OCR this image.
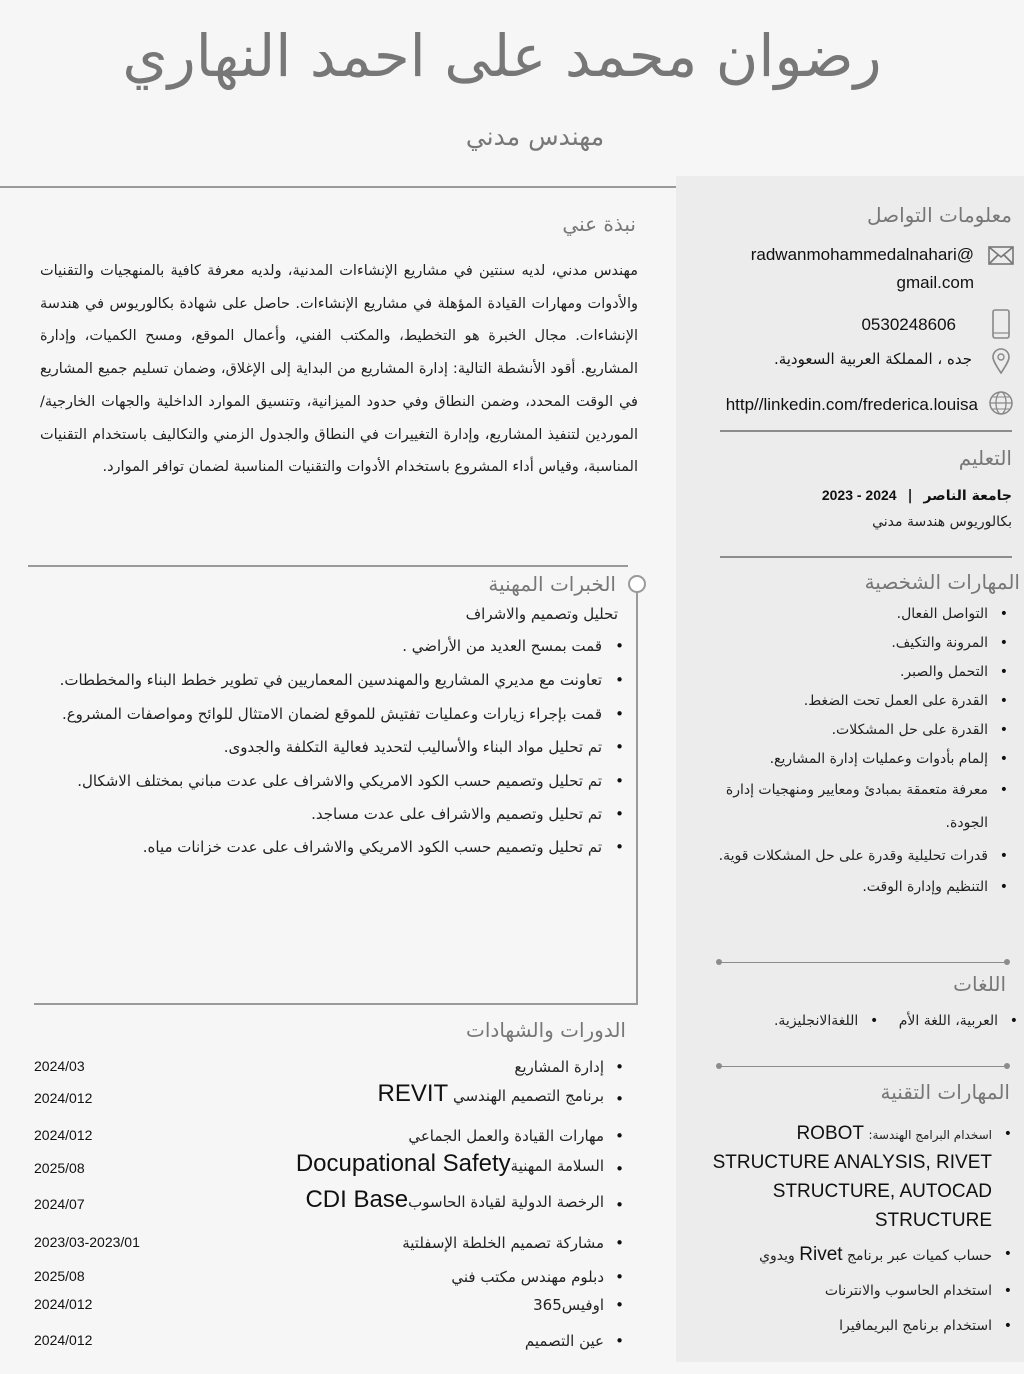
رضوان محمد على احمد النهاري
مهندس مدني
معلومات التواصل
radwanmohammedalnahari@
gmail.com
0530248606
جده ، المملكة العربية السعودية.
http//linkedin.com/frederica.louisa
التعليم
جامعة الناصر | 2023 - 2024
بكالوريوس هندسة مدني
المهارات الشخصية
• التواصل الفعال.
• المرونة والتكيف.
• التحمل والصبر.
• القدرة على العمل تحت الضغط.
• القدرة على حل المشكلات.
• إلمام بأدوات وعمليات إدارة المشاريع.
• معرفة متعمقة بمبادئ ومعايير ومنهجيات إدارة الجودة.
• قدرات تحليلية وقدرة على حل المشكلات قوية.
• التنظيم وإدارة الوقت.
اللغات
• العربية، اللغة الأم • اللغةالانجليزية.
المهارات التقنية
• اسخدام البرامج الهندسة: ROBOT STRUCTURE ANALYSIS, RIVET STRUCTURE, AUTOCAD STRUCTURE
• حساب كميات عبر برنامج Rivet ويدوي
• استخدام الحاسوب والانترنات
• استخدام برنامج البريمافيرا
نبذة عني
مهندس مدني، لديه سنتين في مشاريع الإنشاءات المدنية، ولديه معرفة كافية بالمنهجيات والتقنيات والأدوات ومهارات القيادة المؤهلة في مشاريع الإنشاءات. حاصل على شهادة بكالوريوس في هندسة الإنشاءات. مجال الخبرة هو التخطيط، والمكتب الفني، وأعمال الموقع، ومسح الكميات، وإدارة المشاريع. أقود الأنشطة التالية: إدارة المشاريع من البداية إلى الإغلاق، وضمان تسليم جميع المشاريع في الوقت المحدد، وضمن النطاق وفي حدود الميزانية، وتنسيق الموارد الداخلية والجهات الخارجية/الموردين لتنفيذ المشاريع، وإدارة التغييرات في النطاق والجدول الزمني والتكاليف باستخدام التقنيات المناسبة، وقياس أداء المشروع باستخدام الأدوات والتقنيات المناسبة لضمان توافر الموارد.
الخبرات المهنية
تحليل وتصميم والاشراف
• قمت بمسح العديد من الأراضي .
• تعاونت مع مديري المشاريع والمهندسين المعماريين في تطوير خطط البناء والمخططات.
• قمت بإجراء زيارات وعمليات تفتيش للموقع لضمان الامتثال للوائح ومواصفات المشروع.
• تم تحليل مواد البناء والأساليب لتحديد فعالية التكلفة والجدوى.
• تم تحليل وتصميم حسب الكود الامريكي والاشراف على عدت مباني بمختلف الاشكال.
• تم تحليل وتصميم والاشراف على عدت مساجد.
• تم تحليل وتصميم حسب الكود الامريكي والاشراف على عدت خزانات مياه.
الدورات والشهادات
2024/03	• إدارة المشاريع
2024/012	• برنامج التصميم الهندسي REVIT
2024/012	• مهارات القيادة والعمل الجماعي
2025/08	• السلامة المهنيةDocupational Safety
2024/07	• الرخصة الدولية لقيادة الحاسوبCDI Base
2023/03-2023/01	• مشاركة تصميم الخلطة الإسفلتية
2025/08	• دبلوم مهندس مكتب فني
2024/012	• اوفيس365
2024/012	• عين التصميم
